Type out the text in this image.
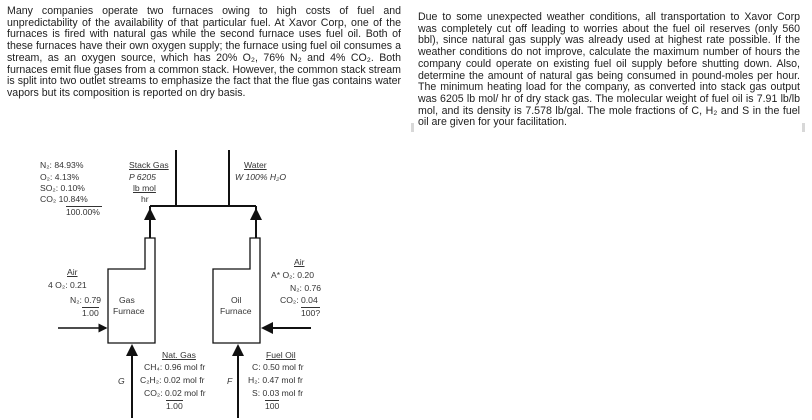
Many companies operate two furnaces owing to high costs of fuel and unpredictability of the availability of that particular fuel. At Xavor Corp, one of the furnaces is fired with natural gas while the second furnace uses fuel oil. Both of these furnaces have their own oxygen supply; the furnace using fuel oil consumes a stream, as an oxygen source, which has 20% O₂, 76% N₂ and 4% CO₂. Both furnaces emit flue gases from a common stack. However, the common stack stream is split into two outlet streams to emphasize the fact that the flue gas contains water vapors but its composition is reported on dry basis.
Due to some unexpected weather conditions, all transportation to Xavor Corp was completely cut off leading to worries about the fuel oil reserves (only 560 bbl), since natural gas supply was already used at highest rate possible. If the weather conditions do not improve, calculate the maximum number of hours the company could operate on existing fuel oil supply before shutting down. Also, determine the amount of natural gas being consumed in pound-moles per hour. The minimum heating load for the company, as converted into stack gas output was 6205 lb mol/ hr of dry stack gas. The molecular weight of fuel oil is 7.91 lb/lb mol, and its density is 7.578 lb/gal. The mole fractions of C, H₂ and S in the fuel oil are given for your facilitation.
N₂: 84.93%
O₂: 4.13%
SO₂: 0.10%
CO₂ 10.84%
100.00%
Stack Gas
P 6205
lb mol
hr
Water
W 100% H₂O
Gas
Furnace
Oil
Furnace
Air
4 O₂: 0.21
N₂: 0.79
1.00
Air
A* O₂: 0.20
N₂: 0.76
CO₂: 0.04
100?
G
Nat. Gas
CH₄: 0.96 mol fr
C₂H₂: 0.02 mol fr
CO₂: 0.02 mol fr
1.00
F
Fuel Oil
C: 0.50 mol fr
H₂: 0.47 mol fr
S: 0.03 mol fr
100
